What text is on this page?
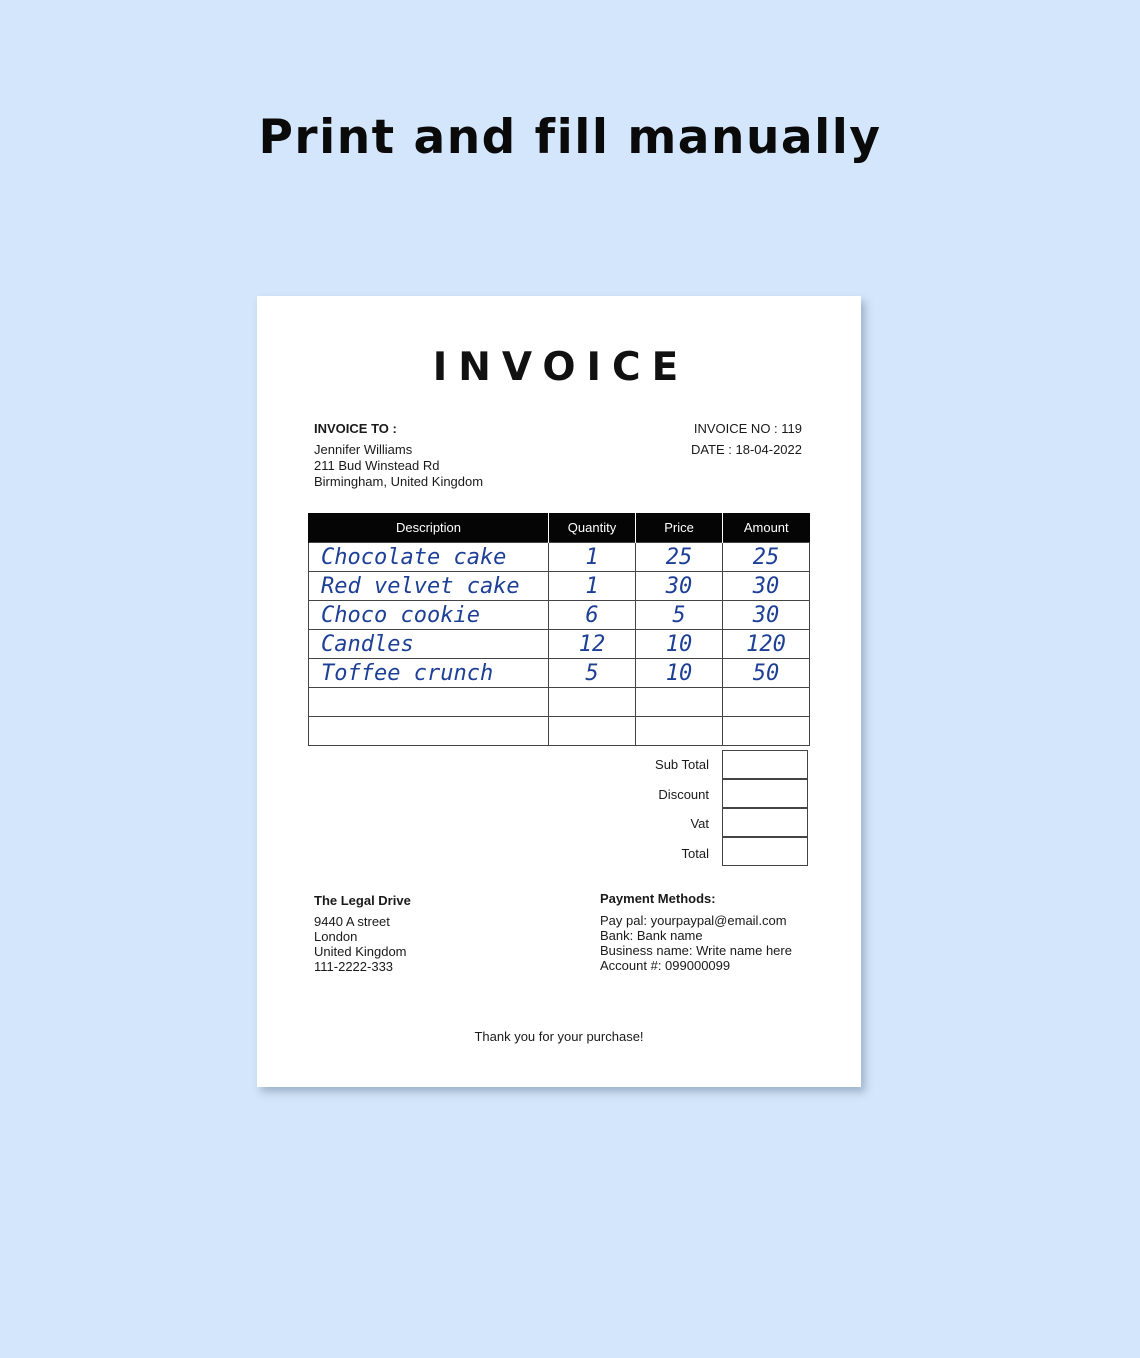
Print and fill manually
INVOICE
INVOICE TO :
Jennifer Williams
211 Bud Winstead Rd
Birmingham, United Kingdom
INVOICE NO : 119
DATE : 18-04-2022
Description	Quantity	Price	Amount
Chocolate cake	1	25	25
Red velvet cake	1	30	30
Choco cookie	6	5	30
Candles	12	10	120
Toffee crunch	5	10	50

Sub Total
Discount
Vat
Total
The Legal Drive
9440 A street
London
United Kingdom
111-2222-333
Payment Methods:
Pay pal: yourpaypal@email.com
Bank: Bank name
Business name: Write name here
Account #: 099000099
Thank you for your purchase!
